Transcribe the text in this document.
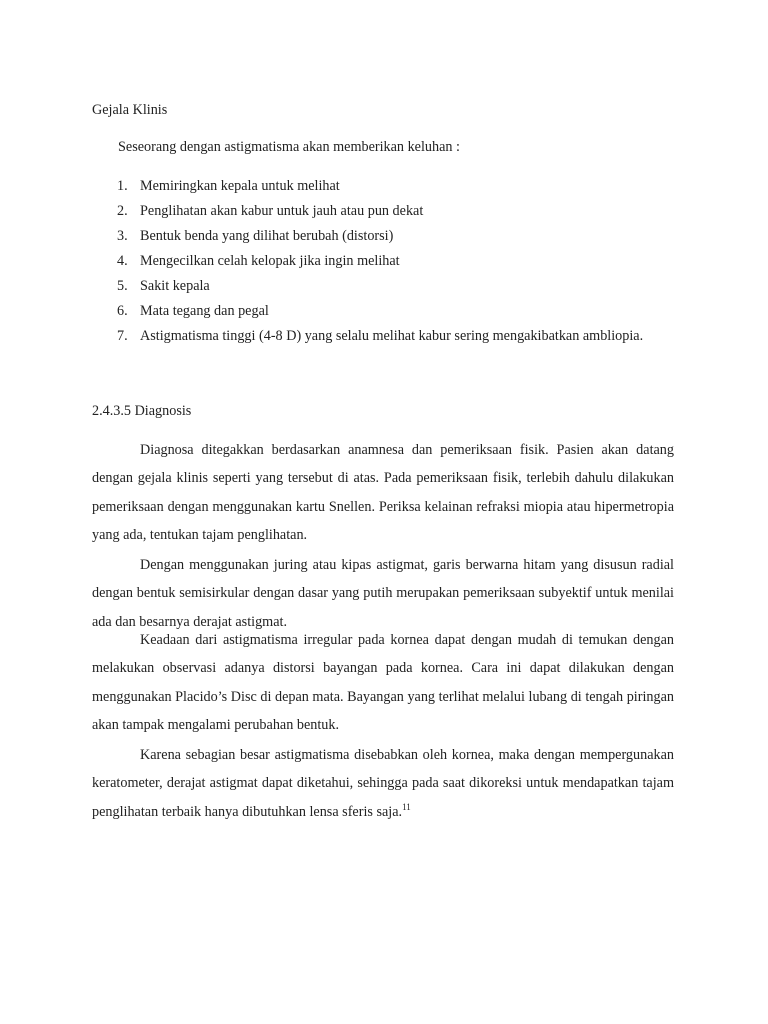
Gejala Klinis

Seseorang dengan astigmatisma akan memberikan keluhan :

1. Memiringkan kepala untuk melihat
2. Penglihatan akan kabur untuk jauh atau pun dekat
3. Bentuk benda yang dilihat berubah (distorsi)
4. Mengecilkan celah kelopak jika ingin melihat
5. Sakit kepala
6. Mata tegang dan pegal
7. Astigmatisma tinggi (4-8 D) yang selalu melihat kabur sering mengakibatkan ambliopia.
2.4.3.5 Diagnosis

Diagnosa ditegakkan berdasarkan anamnesa dan pemeriksaan fisik. Pasien akan datang dengan gejala klinis seperti yang tersebut di atas. Pada pemeriksaan fisik, terlebih dahulu dilakukan pemeriksaan dengan menggunakan kartu Snellen. Periksa kelainan refraksi miopia atau hipermetropia yang ada, tentukan tajam penglihatan.

Dengan menggunakan juring atau kipas astigmat, garis berwarna hitam yang disusun radial dengan bentuk semisirkular dengan dasar yang putih merupakan pemeriksaan subyektif untuk menilai ada dan besarnya derajat astigmat.

Keadaan dari astigmatisma irregular pada kornea dapat dengan mudah di temukan dengan melakukan observasi adanya distorsi bayangan pada kornea. Cara ini dapat dilakukan dengan menggunakan Placido’s Disc di depan mata. Bayangan yang terlihat melalui lubang di tengah piringan akan tampak mengalami perubahan bentuk.

Karena sebagian besar astigmatisma disebabkan oleh kornea, maka dengan mempergunakan keratometer, derajat astigmat dapat diketahui, sehingga pada saat dikoreksi untuk mendapatkan tajam penglihatan terbaik hanya dibutuhkan lensa sferis saja.$^{11}$
